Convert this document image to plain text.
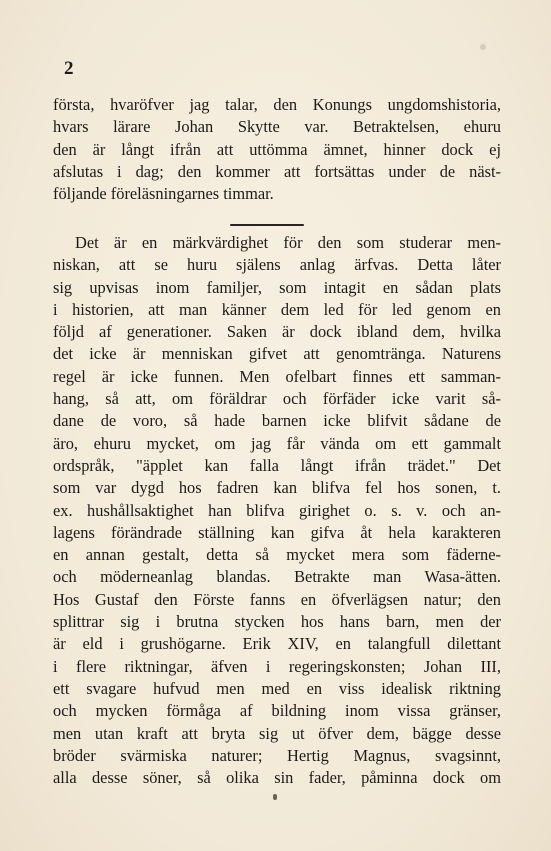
2
första, hvaröfver jag talar, den Konungs ungdomshistoria,
hvars lärare Johan Skytte var. Betraktelsen, ehuru
den är långt ifrån att uttömma ämnet, hinner dock ej
afslutas i dag; den kommer att fortsättas under de näst-
följande föreläsningarnes timmar.
Det är en märkvärdighet för den som studerar men-
niskan, att se huru själens anlag ärfvas. Detta låter
sig upvisas inom familjer, som intagit en sådan plats
i historien, att man känner dem led för led genom en
följd af generationer. Saken är dock ibland dem, hvilka
det icke är menniskan gifvet att genomtränga. Naturens
regel är icke funnen. Men ofelbart finnes ett samman-
hang, så att, om föräldrar och förfäder icke varit så-
dane de voro, så hade barnen icke blifvit sådane de
äro, ehuru mycket, om jag får vända om ett gammalt
ordspråk, "äpplet kan falla långt ifrån trädet." Det
som var dygd hos fadren kan blifva fel hos sonen, t.
ex. hushållsaktighet han blifva girighet o. s. v. och an-
lagens förändrade ställning kan gifva åt hela karakteren
en annan gestalt, detta så mycket mera som fäderne-
och möderneanlag blandas. Betrakte man Wasa-ätten.
Hos Gustaf den Förste fanns en öfverlägsen natur; den
splittrar sig i brutna stycken hos hans barn, men der
är eld i grushögarne. Erik XIV, en talangfull dilettant
i flere riktningar, äfven i regeringskonsten; Johan III,
ett svagare hufvud men med en viss idealisk riktning
och mycken förmåga af bildning inom vissa gränser,
men utan kraft att bryta sig ut öfver dem, bägge desse
bröder svärmiska naturer; Hertig Magnus, svagsinnt,
alla desse söner, så olika sin fader, påminna dock om
